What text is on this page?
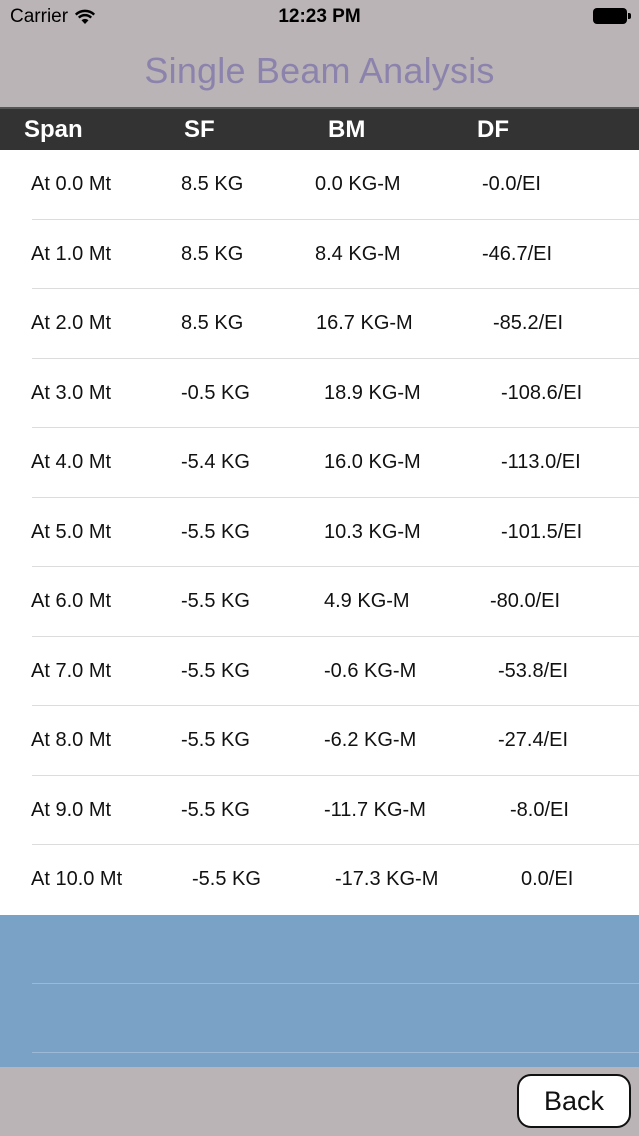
Carrier	12:23 PM
Single Beam Analysis
Span	SF	BM	DF
At 0.0 Mt	8.5 KG	0.0 KG-M	-0.0/EI
At 1.0 Mt	8.5 KG	8.4 KG-M	-46.7/EI
At 2.0 Mt	8.5 KG	16.7 KG-M	-85.2/EI
At 3.0 Mt	-0.5 KG	18.9 KG-M	-108.6/EI
At 4.0 Mt	-5.4 KG	16.0 KG-M	-113.0/EI
At 5.0 Mt	-5.5 KG	10.3 KG-M	-101.5/EI
At 6.0 Mt	-5.5 KG	4.9 KG-M	-80.0/EI
At 7.0 Mt	-5.5 KG	-0.6 KG-M	-53.8/EI
At 8.0 Mt	-5.5 KG	-6.2 KG-M	-27.4/EI
At 9.0 Mt	-5.5 KG	-11.7 KG-M	-8.0/EI
At 10.0 Mt	-5.5 KG	-17.3 KG-M	0.0/EI
Back
